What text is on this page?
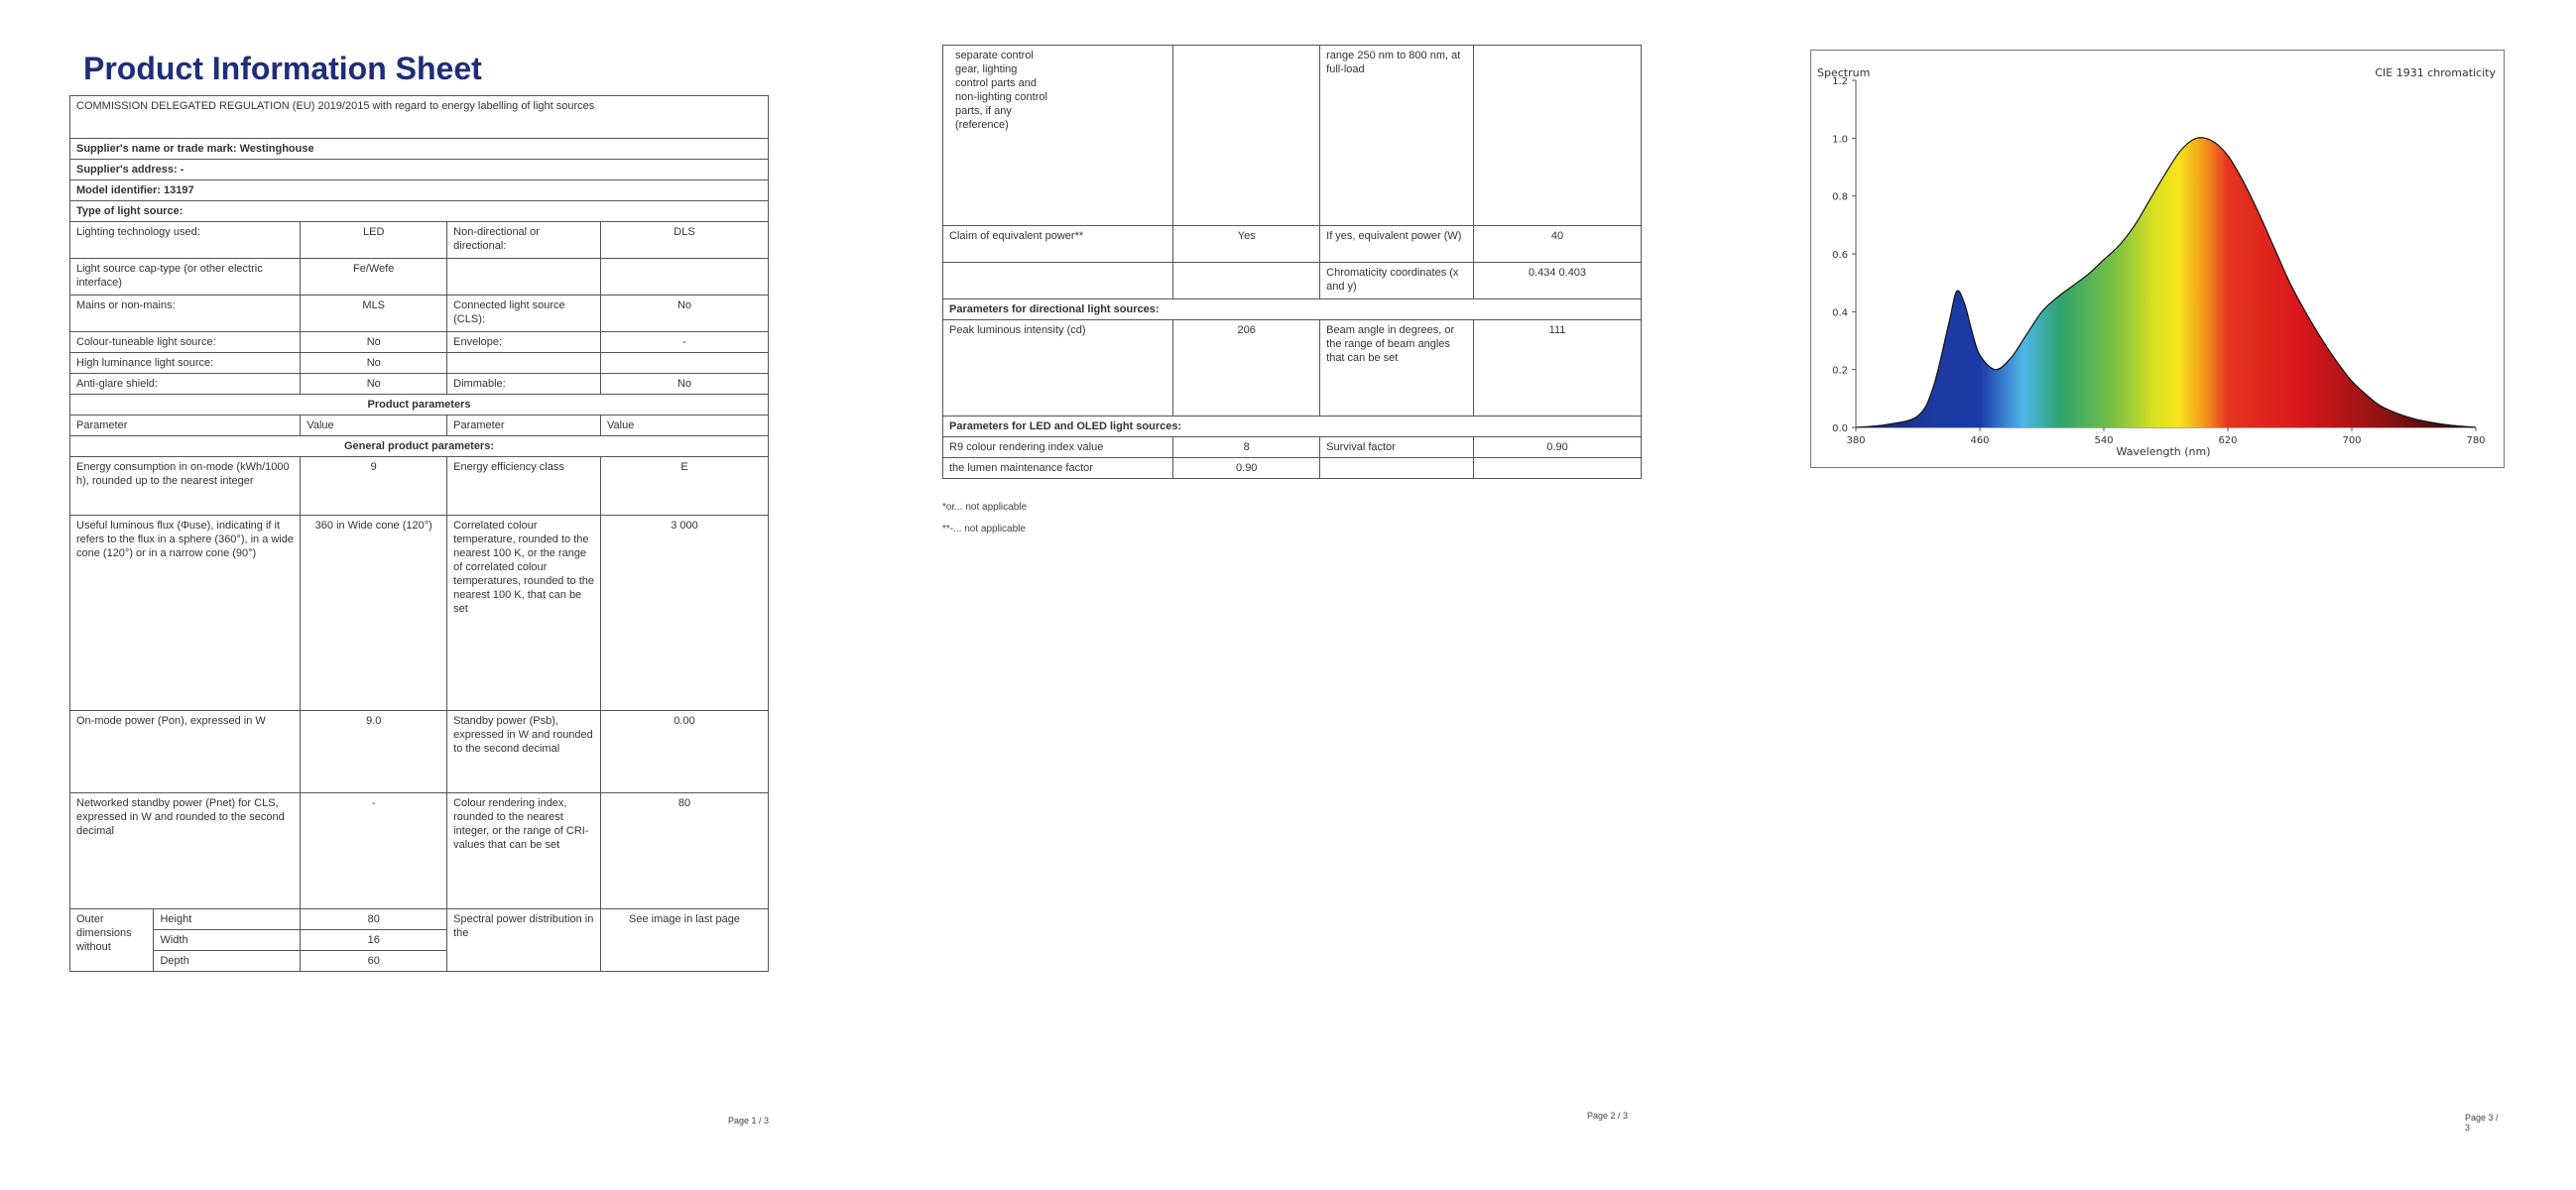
Product Information Sheet
COMMISSION DELEGATED REGULATION (EU) 2019/2015 with regard to energy labelling of light sources			
Supplier's name or trade mark: Westinghouse			
Supplier's address: -			
Model identifier: 13197			
Type of light source:			
Lighting technology used:	LED	Non-directional or directional:	DLS
Light source cap-type (or other electric interface)	Fe/Wefe		
Mains or non-mains:	MLS	Connected light source (CLS):	No
Colour-tuneable light source:	No	Envelope:	-
High luminance light source:	No		
Anti-glare shield:	No	Dimmable:	No
Product parameters			
Parameter	Value	Parameter	Value
General product parameters:			
Energy consumption in on-mode (kWh/1000 h), rounded up to the nearest integer	9	Energy efficiency class	E
Useful luminous flux (Φuse), indicating if it refers to the flux in a sphere (360°), in a wide cone (120°) or in a narrow cone (90°)	360 in Wide cone (120°)	Correlated colour temperature, rounded to the nearest 100 K, or the range of correlated colour temperatures, rounded to the nearest 100 K, that can be set	3 000
On-mode power (Pon), expressed in W	9.0	Standby power (Psb), expressed in W and rounded to the second decimal	0.00
Networked standby power (Pnet) for CLS, expressed in W and rounded to the second decimal	-	Colour rendering index, rounded to the nearest integer, or the range of CRI-values that can be set	80
Outer dimensions without	Height	80	Spectral power distribution in the	See image in last page
	Width	16		
	Depth	60		
Page 1 / 3
separate control gear, lighting control parts and non-lighting control parts, if any (reference)		range 250 nm to 800 nm, at full-load	
Claim of equivalent power**	Yes	If yes, equivalent power (W)	40
		Chromaticity coordinates (x and y)	0.434 0.403
Parameters for directional light sources:			
Peak luminous intensity (cd)	206	Beam angle in degrees, or the range of beam angles that can be set	111
Parameters for LED and OLED light sources:			
R9 colour rendering index value	8	Survival factor	0.90
the lumen maintenance factor	0.90		
*or... not applicable
**-... not applicable
Page 2 / 3
Spectrum	CIE 1931 chromaticity
380	460	540	620	700	780
0.0
0.2
0.4
0.6
0.8
1.0
1.2
Wavelength (nm)
Page 3 / 3
